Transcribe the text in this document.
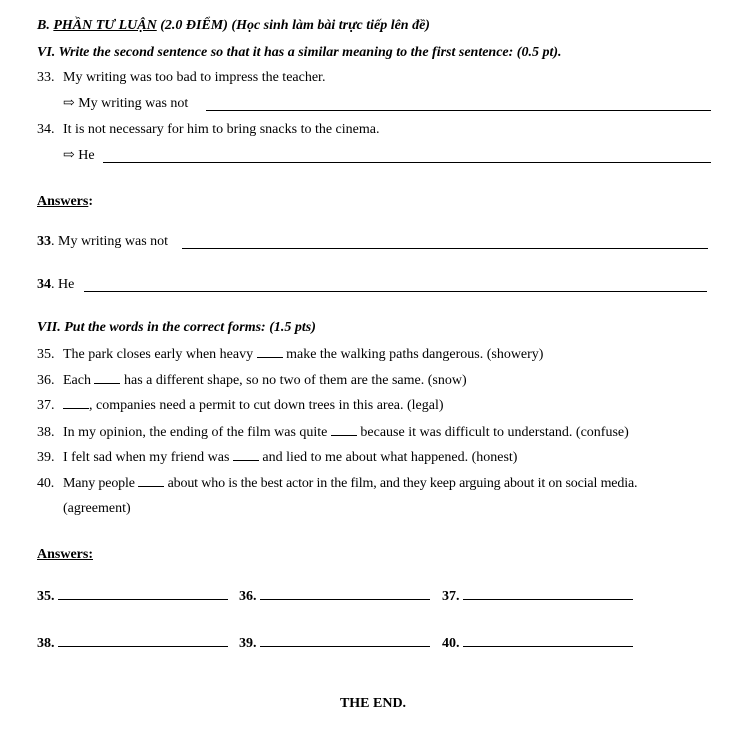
B. PHẦN TƯ LUẬN (2.0 ĐIỂM) (Học sinh làm bài trực tiếp lên đề)
VI. Write the second sentence so that it has a similar meaning to the first sentence: (0.5 pt).
33. My writing was too bad to impress the teacher.
⇨ My writing was not
34. It is not necessary for him to bring snacks to the cinema.
⇨ He
Answers:
33. My writing was not
34. He
VII. Put the words in the correct forms: (1.5 pts)
35. The park closes early when heavy make the walking paths dangerous. (showery)
36. Each has a different shape, so no two of them are the same. (snow)
37. , companies need a permit to cut down trees in this area. (legal)
38. In my opinion, the ending of the film was quite because it was difficult to understand. (confuse)
39. I felt sad when my friend was and lied to me about what happened. (honest)
40. Many people about who is the best actor in the film, and they keep arguing about it on social media.
(agreement)
Answers:
35.	36.	37.
38.	39.	40.
THE END.
